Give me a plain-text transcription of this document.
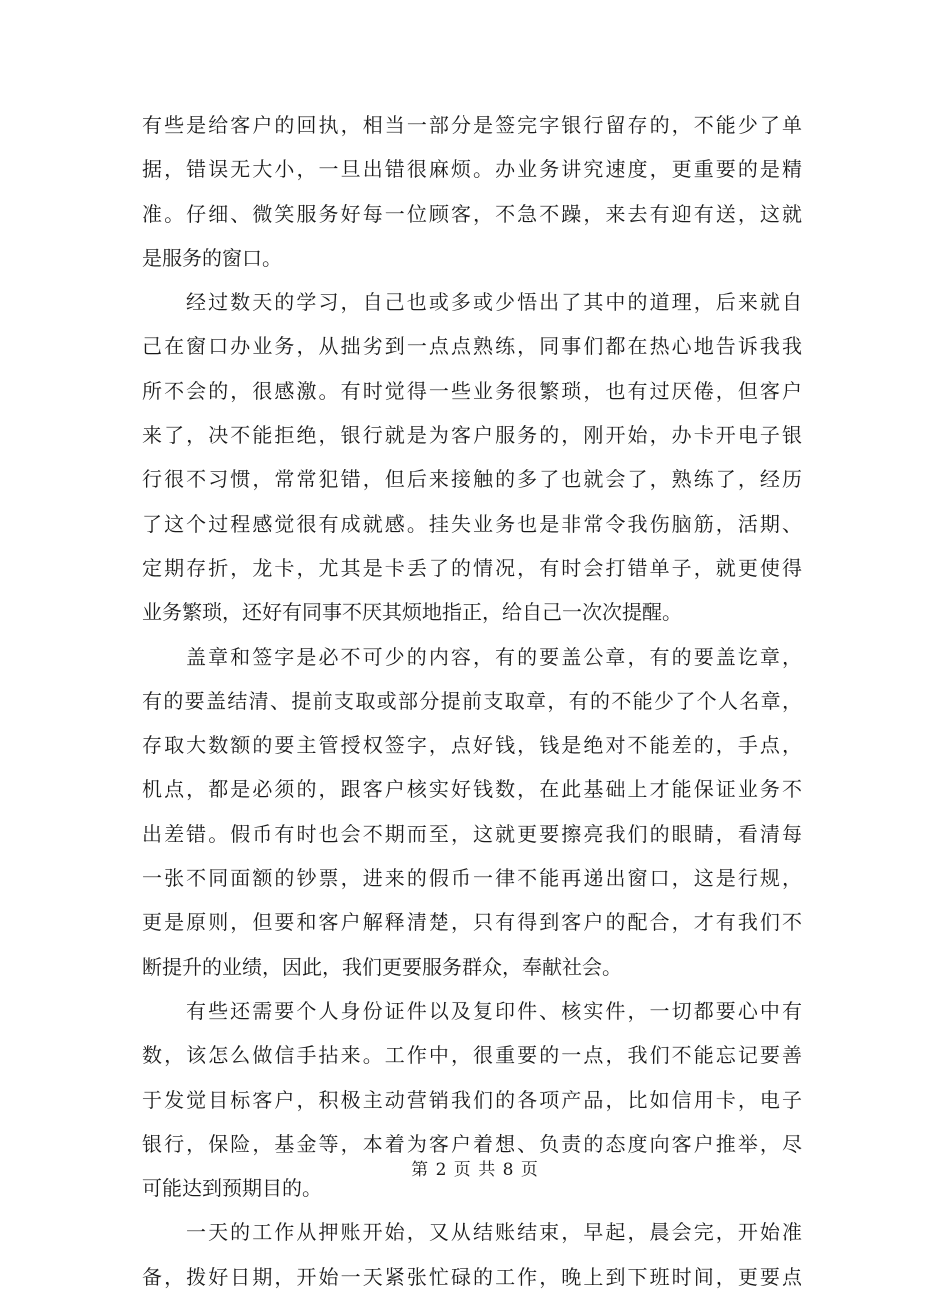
有些是给客户的回执，相当一部分是签完字银行留存的，不能少了单
据，错误无大小，一旦出错很麻烦。办业务讲究速度，更重要的是精
准。仔细、微笑服务好每一位顾客，不急不躁，来去有迎有送，这就
是服务的窗口。
经过数天的学习，自己也或多或少悟出了其中的道理，后来就自
己在窗口办业务，从拙劣到一点点熟练，同事们都在热心地告诉我我
所不会的，很感激。有时觉得一些业务很繁琐，也有过厌倦，但客户
来了，决不能拒绝，银行就是为客户服务的，刚开始，办卡开电子银
行很不习惯，常常犯错，但后来接触的多了也就会了，熟练了，经历
了这个过程感觉很有成就感。挂失业务也是非常令我伤脑筋，活期、
定期存折，龙卡，尤其是卡丢了的情况，有时会打错单子，就更使得
业务繁琐，还好有同事不厌其烦地指正，给自己一次次提醒。
盖章和签字是必不可少的内容，有的要盖公章，有的要盖讫章，
有的要盖结清、提前支取或部分提前支取章，有的不能少了个人名章，
存取大数额的要主管授权签字，点好钱，钱是绝对不能差的，手点，
机点，都是必须的，跟客户核实好钱数，在此基础上才能保证业务不
出差错。假币有时也会不期而至，这就更要擦亮我们的眼睛，看清每
一张不同面额的钞票，进来的假币一律不能再递出窗口，这是行规，
更是原则，但要和客户解释清楚，只有得到客户的配合，才有我们不
断提升的业绩，因此，我们更要服务群众，奉献社会。
有些还需要个人身份证件以及复印件、核实件，一切都要心中有
数，该怎么做信手拈来。工作中，很重要的一点，我们不能忘记要善
于发觉目标客户，积极主动营销我们的各项产品，比如信用卡，电子
银行，保险，基金等，本着为客户着想、负责的态度向客户推举，尽
可能达到预期目的。
一天的工作从押账开始，又从结账结束，早起，晨会完，开始准
备，拨好日期，开始一天紧张忙碌的工作，晚上到下班时间，更要点
第 2 页 共 8 页
